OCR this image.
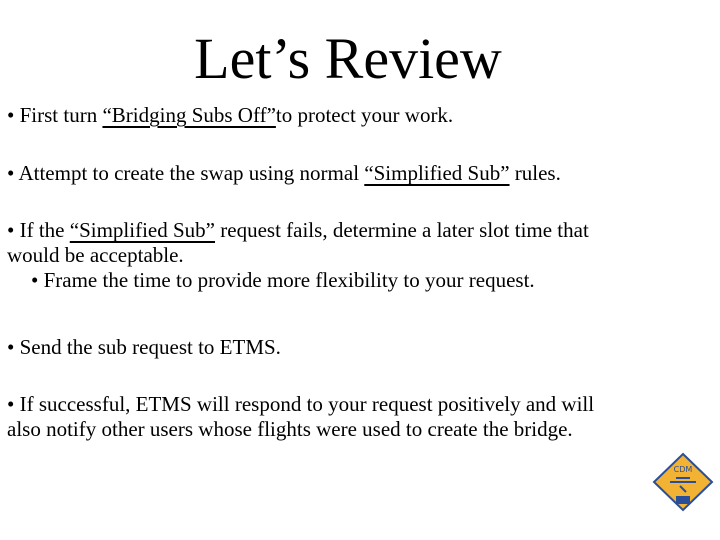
Let’s Review
• First turn “Bridging Subs Off”to protect your work.
• Attempt to create the swap using normal “Simplified Sub” rules.
• If the “Simplified Sub” request fails, determine a later slot time that
would be acceptable.
• Frame the time to provide more flexibility to your request.
• Send the sub request to ETMS.
• If successful, ETMS will respond to your request positively and will
also notify other users whose flights were used to create the bridge.
CDM
